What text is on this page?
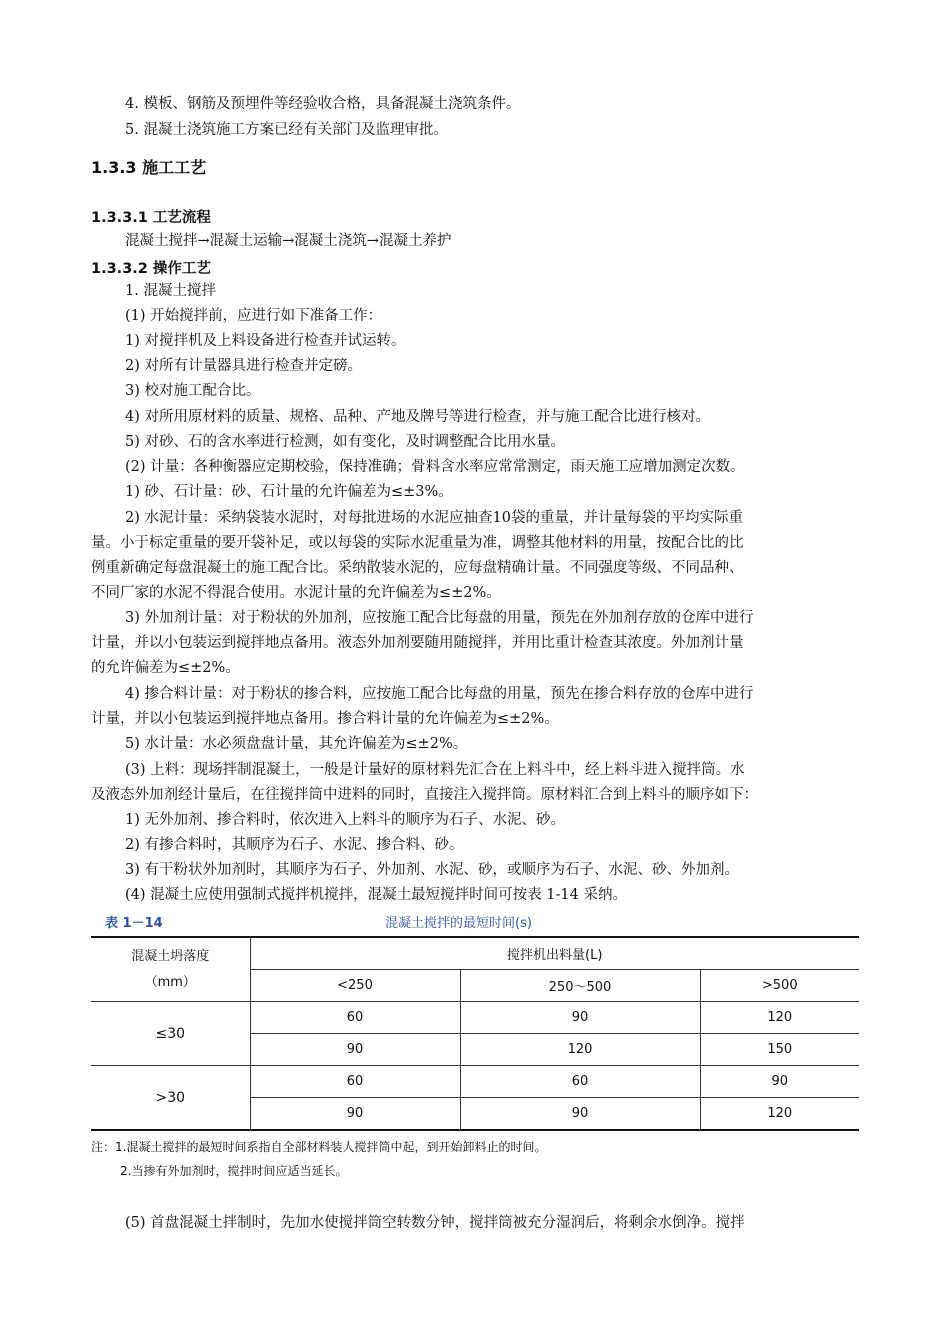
4. 模板、钢筋及预埋件等经验收合格，具备混凝土浇筑条件。
5. 混凝土浇筑施工方案已经有关部门及监理审批。
1.3.3 施工工艺
1.3.3.1 工艺流程
混凝土搅拌→混凝土运输→混凝土浇筑→混凝土养护
1.3.3.2 操作工艺
1. 混凝土搅拌
(1) 开始搅拌前，应进行如下准备工作：
1) 对搅拌机及上料设备进行检查并试运转。
2) 对所有计量器具进行检查并定磅。
3) 校对施工配合比。
4) 对所用原材料的质量、规格、品种、产地及牌号等进行检查，并与施工配合比进行核对。
5) 对砂、石的含水率进行检测，如有变化，及时调整配合比用水量。
(2) 计量：各种衡器应定期校验，保持准确；骨料含水率应常常测定，雨天施工应增加测定次数。
1) 砂、石计量：砂、石计量的允许偏差为≤±3%。
2) 水泥计量：采纳袋装水泥时，对每批进场的水泥应抽查10袋的重量，并计量每袋的平均实际重
量。小于标定重量的要开袋补足，或以每袋的实际水泥重量为准，调整其他材料的用量，按配合比的比
例重新确定每盘混凝土的施工配合比。采纳散装水泥的，应每盘精确计量。不同强度等级、不同品种、
不同厂家的水泥不得混合使用。水泥计量的允许偏差为≤±2%。
3) 外加剂计量：对于粉状的外加剂，应按施工配合比每盘的用量，预先在外加剂存放的仓库中进行
计量，并以小包装运到搅拌地点备用。液态外加剂要随用随搅拌，并用比重计检查其浓度。外加剂计量
的允许偏差为≤±2%。
4) 掺合料计量：对于粉状的掺合料，应按施工配合比每盘的用量，预先在掺合料存放的仓库中进行
计量，并以小包装运到搅拌地点备用。掺合料计量的允许偏差为≤±2%。
5) 水计量：水必须盘盘计量，其允许偏差为≤±2%。
(3) 上料：现场拌制混凝土，一般是计量好的原材料先汇合在上料斗中，经上料斗进入搅拌筒。水
及液态外加剂经计量后，在往搅拌筒中进料的同时，直接注入搅拌筒。原材料汇合到上料斗的顺序如下：
1) 无外加剂、掺合料时，依次进入上料斗的顺序为石子、水泥、砂。
2) 有掺合料时，其顺序为石子、水泥、掺合料、砂。
3) 有干粉状外加剂时，其顺序为石子、外加剂、水泥、砂，或顺序为石子、水泥、砂、外加剂。
(4) 混凝土应使用强制式搅拌机搅拌，混凝土最短搅拌时间可按表 1-14 采纳。
表 1－14	混凝土搅拌的最短时间(s)
混凝土坍落度
（mm）	搅拌机出料量(L)		
	<250	250～500	>500
≤30	60	90	120
	90	120	150
>30	60	60	90
	90	90	120
注：1.混凝土搅拌的最短时间系指自全部材料装人搅拌筒中起，到开始卸料止的时间。
2.当掺有外加剂时，搅拌时间应适当延长。
(5) 首盘混凝土拌制时，先加水使搅拌筒空转数分钟，搅拌筒被充分湿润后，将剩余水倒净。搅拌
